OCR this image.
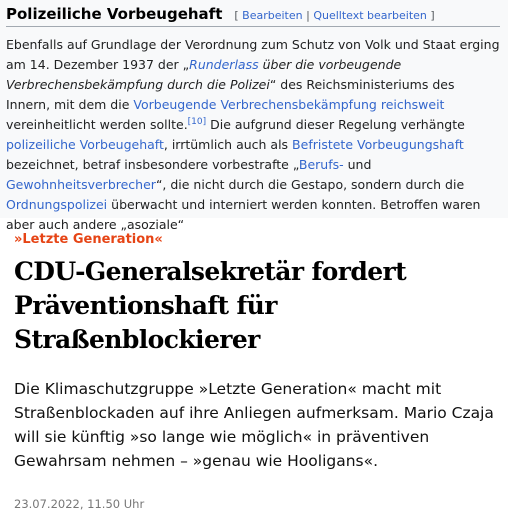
Polizeiliche Vorbeugehaft [ Bearbeiten | Quelltext bearbeiten ]

Ebenfalls auf Grundlage der Verordnung zum Schutz von Volk und Staat erging am 14. Dezember 1937 der „Runderlass über die vorbeugende Verbrechensbekämpfung durch die Polizei“ des Reichsministeriums des Innern, mit dem die Vorbeugende Verbrechensbekämpfung reichsweit vereinheitlicht werden sollte.[10] Die aufgrund dieser Regelung verhängte polizeiliche Vorbeugehaft, irrtümlich auch als Befristete Vorbeugungshaft bezeichnet, betraf insbesondere vorbestrafte „Berufs- und Gewohnheitsverbrecher“, die nicht durch die Gestapo, sondern durch die Ordnungspolizei überwacht und interniert werden konnten. Betroffen waren aber auch andere „asoziale“

»Letzte Generation«
CDU-Generalsekretär fordert Präventionshaft für Straßenblockierer
Die Klimaschutzgruppe »Letzte Generation« macht mit Straßenblockaden auf ihre Anliegen aufmerksam. Mario Czaja will sie künftig »so lange wie möglich« in präventiven Gewahrsam nehmen – »genau wie Hooligans«.
23.07.2022, 11.50 Uhr
